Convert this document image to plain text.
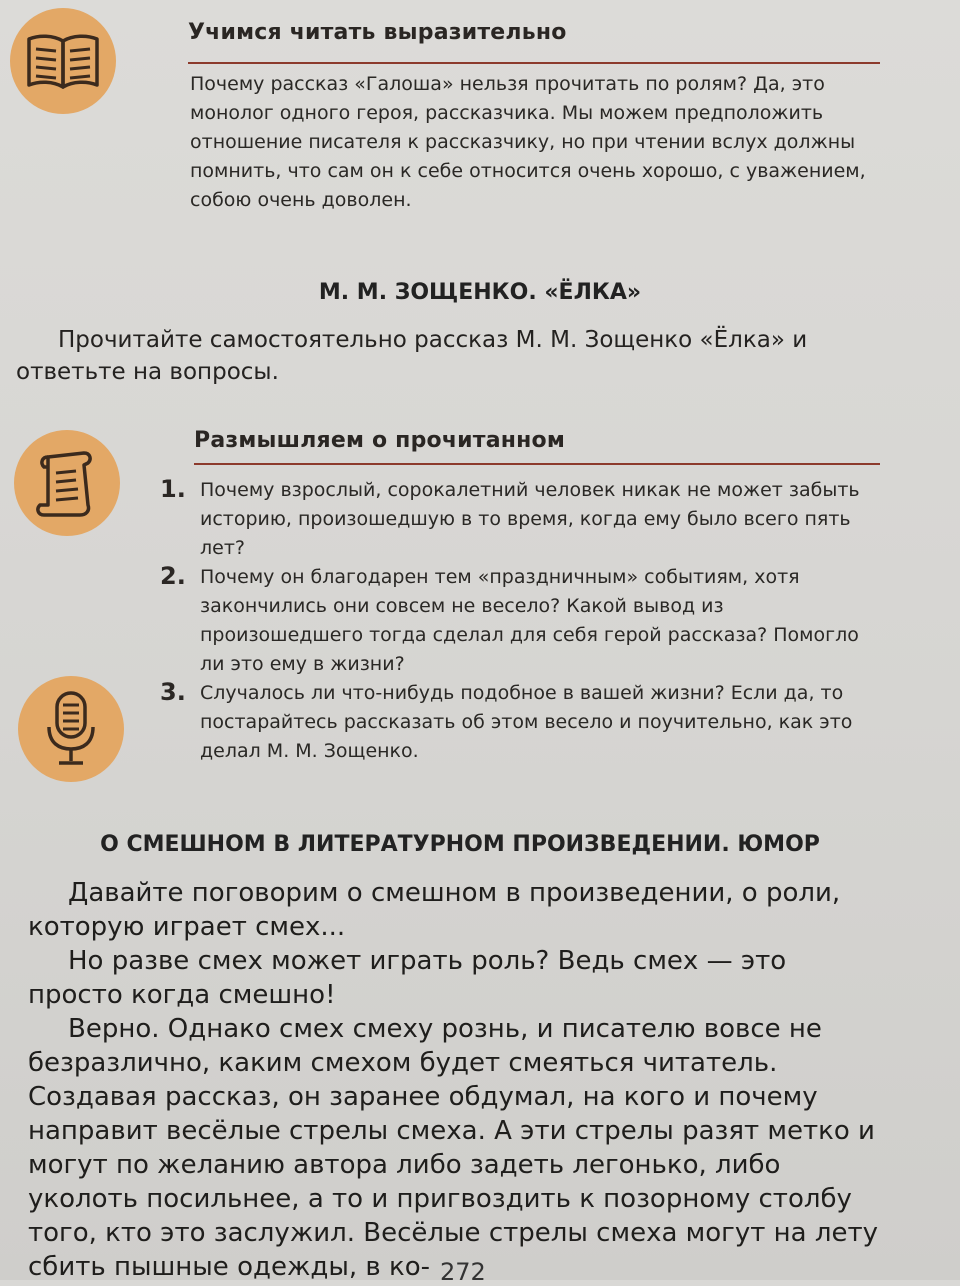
Учимся читать выразительно
Почему рассказ «Галоша» нельзя прочитать по ролям? Да, это монолог одного героя, рассказчика. Мы можем предположить отношение писателя к рассказчику, но при чтении вслух должны помнить, что сам он к себе относится очень хорошо, с уважением, собою очень доволен.
М. М. ЗОЩЕНКО. «ЁЛКА»
Прочитайте самостоятельно рассказ М. М. Зощенко «Ёлка» и ответьте на вопросы.
Размышляем о прочитанном
1. Почему взрослый, сорокалетний человек никак не может забыть историю, произошедшую в то время, когда ему было всего пять лет?
2. Почему он благодарен тем «праздничным» событиям, хотя закончились они совсем не весело? Какой вывод из произошедшего тогда сделал для себя герой рассказа? Помогло ли это ему в жизни?
3. Случалось ли что-нибудь подобное в вашей жизни? Если да, то постарайтесь рассказать об этом весело и поучительно, как это делал М. М. Зощенко.
О СМЕШНОМ В ЛИТЕРАТУРНОМ ПРОИЗВЕДЕНИИ. ЮМОР

Давайте поговорим о смешном в произведении, о роли, которую играет смех...

Но разве смех может играть роль? Ведь смех — это просто когда смешно!

Верно. Однако смех смеху рознь, и писателю вовсе не безразлично, каким смехом будет смеяться читатель. Создавая рассказ, он заранее обдумал, на кого и почему направит весёлые стрелы смеха. А эти стрелы разят метко и могут по желанию автора либо задеть легонько, либо уколоть посильнее, а то и пригвоздить к позорному столбу того, кто это заслужил. Весёлые стрелы смеха могут на лету сбить пышные одежды, в ко- 272
